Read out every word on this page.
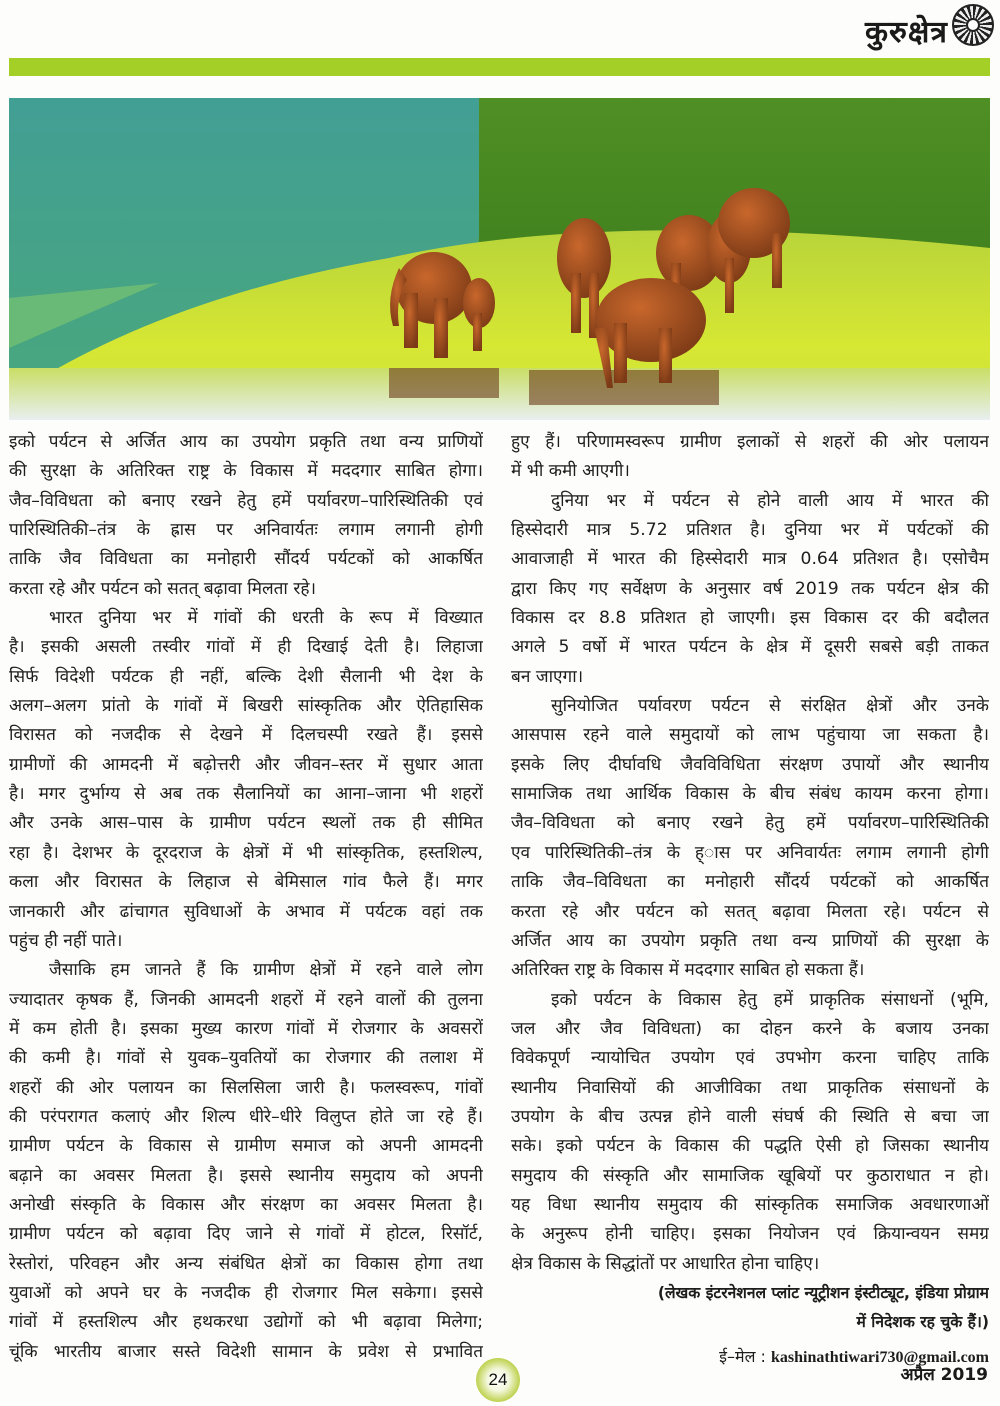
कुरुक्षेत्र
इको पर्यटन से अर्जित आय का उपयोग प्रकृति तथा वन्य प्राणियों
की सुरक्षा के अतिरिक्त राष्ट्र के विकास में मददगार साबित होगा।
जैव–विविधता को बनाए रखने हेतु हमें पर्यावरण–पारिस्थितिकी एवं
पारिस्थितिकी–तंत्र के ह्रास पर अनिवार्यतः लगाम लगानी होगी
ताकि जैव विविधता का मनोहारी सौंदर्य पर्यटकों को आकर्षित
करता रहे और पर्यटन को सतत् बढ़ावा मिलता रहे।
भारत दुनिया भर में गांवों की धरती के रूप में विख्यात
है। इसकी असली तस्वीर गांवों में ही दिखाई देती है। लिहाजा
सिर्फ विदेशी पर्यटक ही नहीं, बल्कि देशी सैलानी भी देश के
अलग–अलग प्रांतो के गांवों में बिखरी सांस्कृतिक और ऐतिहासिक
विरासत को नजदीक से देखने में दिलचस्पी रखते हैं। इससे
ग्रामीणों की आमदनी में बढ़ोत्तरी और जीवन–स्तर में सुधार आता
है। मगर दुर्भाग्य से अब तक सैलानियों का आना–जाना भी शहरों
और उनके आस–पास के ग्रामीण पर्यटन स्थलों तक ही सीमित
रहा है। देशभर के दूरदराज के क्षेत्रों में भी सांस्कृतिक, हस्तशिल्प,
कला और विरासत के लिहाज से बेमिसाल गांव फैले हैं। मगर
जानकारी और ढांचागत सुविधाओं के अभाव में पर्यटक वहां तक
पहुंच ही नहीं पाते।
जैसाकि हम जानते हैं कि ग्रामीण क्षेत्रों में रहने वाले लोग
ज्यादातर कृषक हैं, जिनकी आमदनी शहरों में रहने वालों की तुलना
में कम होती है। इसका मुख्य कारण गांवों में रोजगार के अवसरों
की कमी है। गांवों से युवक–युवतियों का रोजगार की तलाश में
शहरों की ओर पलायन का सिलसिला जारी है। फलस्वरूप, गांवों
की परंपरागत कलाएं और शिल्प धीरे–धीरे विलुप्त होते जा रहे हैं।
ग्रामीण पर्यटन के विकास से ग्रामीण समाज को अपनी आमदनी
बढ़ाने का अवसर मिलता है। इससे स्थानीय समुदाय को अपनी
अनोखी संस्कृति के विकास और संरक्षण का अवसर मिलता है।
ग्रामीण पर्यटन को बढ़ावा दिए जाने से गांवों में होटल, रिसॉर्ट,
रेस्तोरां, परिवहन और अन्य संबंधित क्षेत्रों का विकास होगा तथा
युवाओं को अपने घर के नजदीक ही रोजगार मिल सकेगा। इससे
गांवों में हस्तशिल्प और हथकरधा उद्योगों को भी बढ़ावा मिलेगा;
चूंकि भारतीय बाजार सस्ते विदेशी सामान के प्रवेश से प्रभावित
हुए हैं। परिणामस्वरूप ग्रामीण इलाकों से शहरों की ओर पलायन
में भी कमी आएगी।
दुनिया भर में पर्यटन से होने वाली आय में भारत की
हिस्सेदारी मात्र 5.72 प्रतिशत है। दुनिया भर में पर्यटकों की
आवाजाही में भारत की हिस्सेदारी मात्र 0.64 प्रतिशत है। एसोचैम
द्वारा किए गए सर्वेक्षण के अनुसार वर्ष 2019 तक पर्यटन क्षेत्र की
विकास दर 8.8 प्रतिशत हो जाएगी। इस विकास दर की बदौलत
अगले 5 वर्षो में भारत पर्यटन के क्षेत्र में दूसरी सबसे बड़ी ताकत
बन जाएगा।
सुनियोजित पर्यावरण पर्यटन से संरक्षित क्षेत्रों और उनके
आसपास रहने वाले समुदायों को लाभ पहुंचाया जा सकता है।
इसके लिए दीर्घावधि जैवविविधिता संरक्षण उपायों और स्थानीय
सामाजिक तथा आर्थिक विकास के बीच संबंध कायम करना होगा।
जैव–विविधता को बनाए रखने हेतु हमें पर्यावरण–पारिस्थितिकी
एव पारिस्थितिकी–तंत्र के ह्ास पर अनिवार्यतः लगाम लगानी होगी
ताकि जैव–विविधता का मनोहारी सौंदर्य पर्यटकों को आकर्षित
करता रहे और पर्यटन को सतत् बढ़ावा मिलता रहे। पर्यटन से
अर्जित आय का उपयोग प्रकृति तथा वन्य प्राणियों की सुरक्षा के
अतिरिक्त राष्ट्र के विकास में मददगार साबित हो सकता हैं।
इको पर्यटन के विकास हेतु हमें प्राकृतिक संसाधनों (भूमि,
जल और जैव विविधता) का दोहन करने के बजाय उनका
विवेकपूर्ण न्यायोचित उपयोग एवं उपभोग करना चाहिए ताकि
स्थानीय निवासियों की आजीविका तथा प्राकृतिक संसाधनों के
उपयोग के बीच उत्पन्न होने वाली संघर्ष की स्थिति से बचा जा
सके। इको पर्यटन के विकास की पद्धति ऐसी हो जिसका स्थानीय
समुदाय की संस्कृति और सामाजिक खूबियों पर कुठाराधात न हो।
यह विधा स्थानीय समुदाय की सांस्कृतिक समाजिक अवधारणाओं
के अनुरूप होनी चाहिए। इसका नियोजन एवं क्रियान्वयन समग्र
क्षेत्र विकास के सिद्धांतों पर आधारित होना चाहिए।
(लेखक इंटरनेशनल प्लांट न्यूट्रीशन इंस्टीट्यूट, इंडिया प्रोग्राम
में निदेशक रह चुके हैं।)
ई–मेल : kashinathtiwari730@gmail.com
24	अप्रैल 2019
